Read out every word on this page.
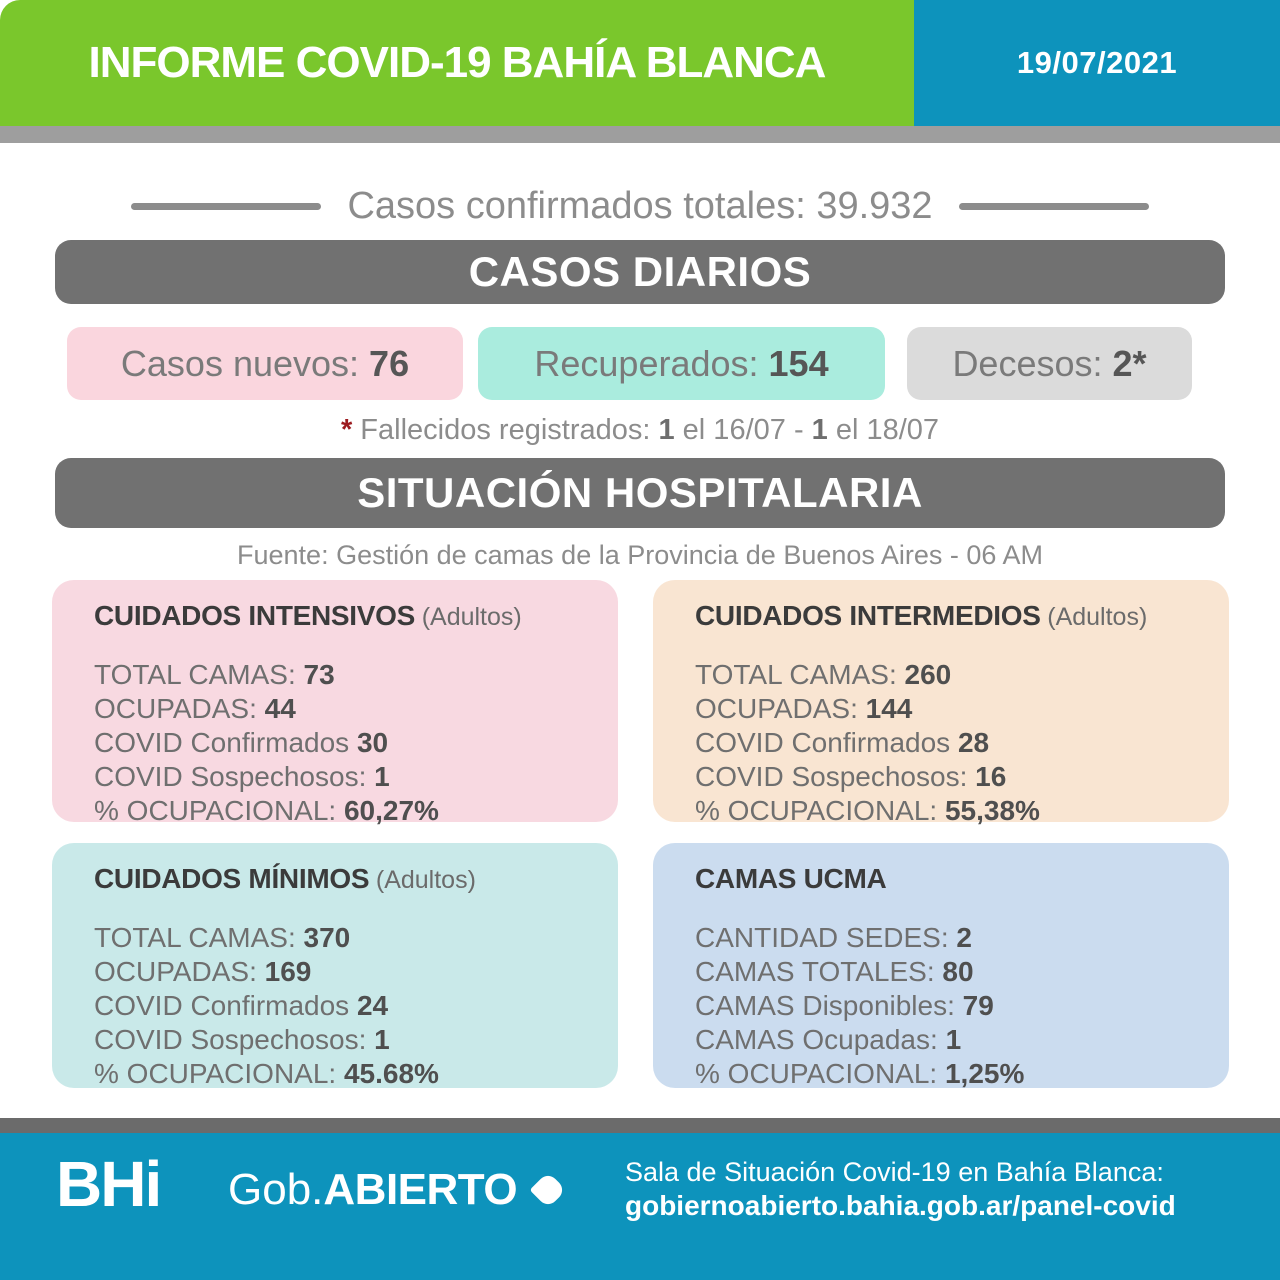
INFORME COVID-19 BAHÍA BLANCA	19/07/2021
Casos confirmados totales: 39.932
CASOS DIARIOS
Casos nuevos: 76	Recuperados: 154	Decesos: 2*
* Fallecidos registrados: 1 el 16/07 - 1 el 18/07
SITUACIÓN HOSPITALARIA
Fuente: Gestión de camas de la Provincia de Buenos Aires - 06 AM
CUIDADOS INTENSIVOS (Adultos)
TOTAL CAMAS: 73
OCUPADAS: 44
COVID Confirmados 30
COVID Sospechosos: 1
% OCUPACIONAL: 60,27%
CUIDADOS INTERMEDIOS (Adultos)
TOTAL CAMAS: 260
OCUPADAS: 144
COVID Confirmados 28
COVID Sospechosos: 16
% OCUPACIONAL: 55,38%
CUIDADOS MÍNIMOS (Adultos)
TOTAL CAMAS: 370
OCUPADAS: 169
COVID Confirmados 24
COVID Sospechosos: 1
% OCUPACIONAL: 45.68%
CAMAS UCMA
CANTIDAD SEDES: 2
CAMAS TOTALES: 80
CAMAS Disponibles: 79
CAMAS Ocupadas: 1
% OCUPACIONAL: 1,25%
BHi Gob.ABIERTO	Sala de Situación Covid-19 en Bahía Blanca:
gobiernoabierto.bahia.gob.ar/panel-covid
